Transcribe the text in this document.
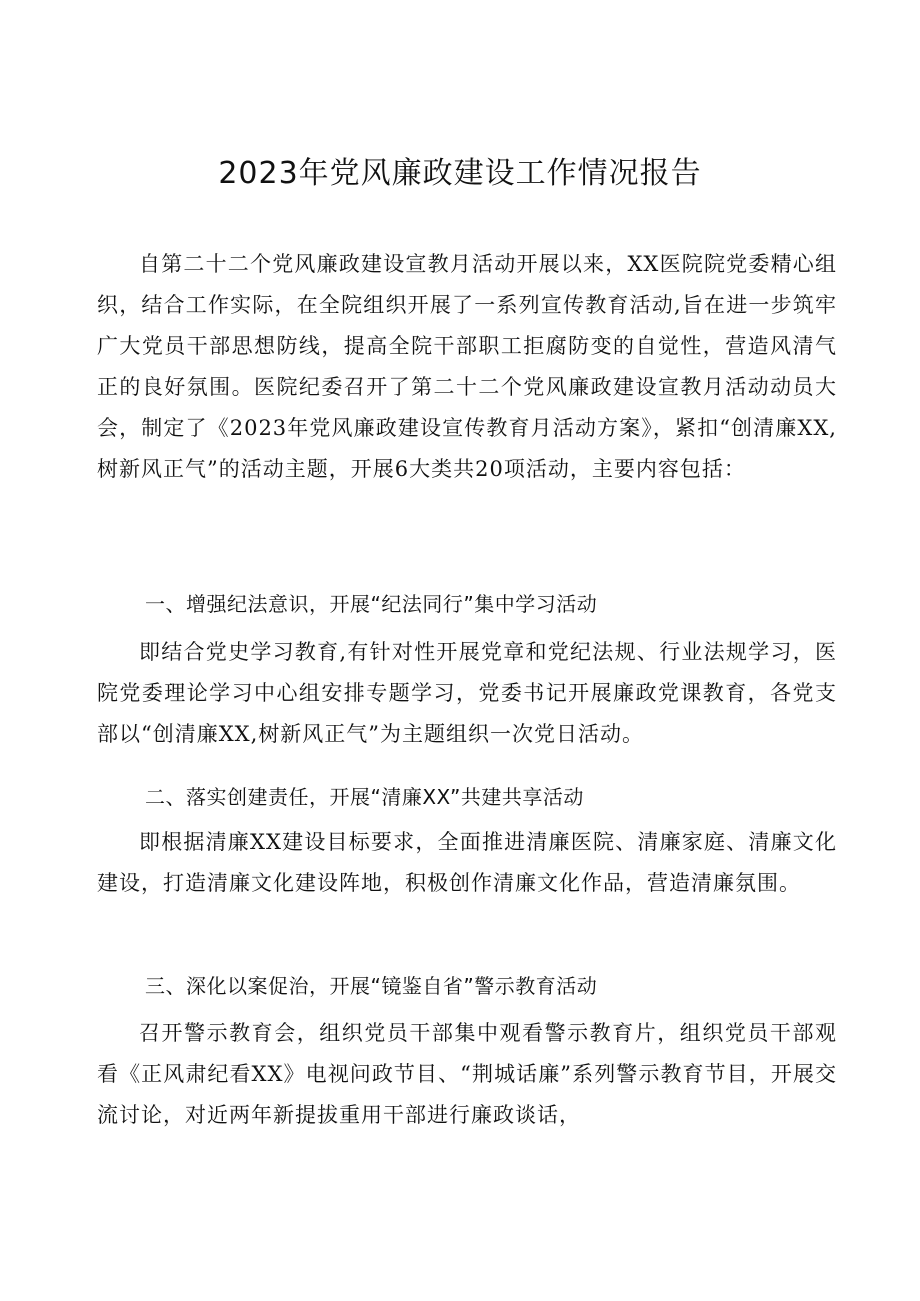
2023年党风廉政建设工作情况报告

自第二十二个党风廉政建设宣教月活动开展以来，XX医院院党委精心组织，结合工作实际，在全院组织开展了一系列宣传教育活动,旨在进一步筑牢广大党员干部思想防线，提高全院干部职工拒腐防变的自觉性，营造风清气正的良好氛围。医院纪委召开了第二十二个党风廉政建设宣教月活动动员大会，制定了《2023年党风廉政建设宣传教育月活动方案》，紧扣“创清廉XX,树新风正气”的活动主题，开展6大类共20项活动，主要内容包括：

一、增强纪法意识，开展“纪法同行”集中学习活动

即结合党史学习教育,有针对性开展党章和党纪法规、行业法规学习，医院党委理论学习中心组安排专题学习，党委书记开展廉政党课教育，各党支部以“创清廉XX,树新风正气”为主题组织一次党日活动。

二、落实创建责任，开展“清廉XX”共建共享活动

即根据清廉XX建设目标要求，全面推进清廉医院、清廉家庭、清廉文化建设，打造清廉文化建设阵地，积极创作清廉文化作品，营造清廉氛围。

三、深化以案促治，开展“镜鉴自省”警示教育活动

召开警示教育会，组织党员干部集中观看警示教育片，组织党员干部观看《正风肃纪看XX》电视问政节目、“荆城话廉”系列警示教育节目，开展交流讨论，对近两年新提拔重用干部进行廉政谈话，
